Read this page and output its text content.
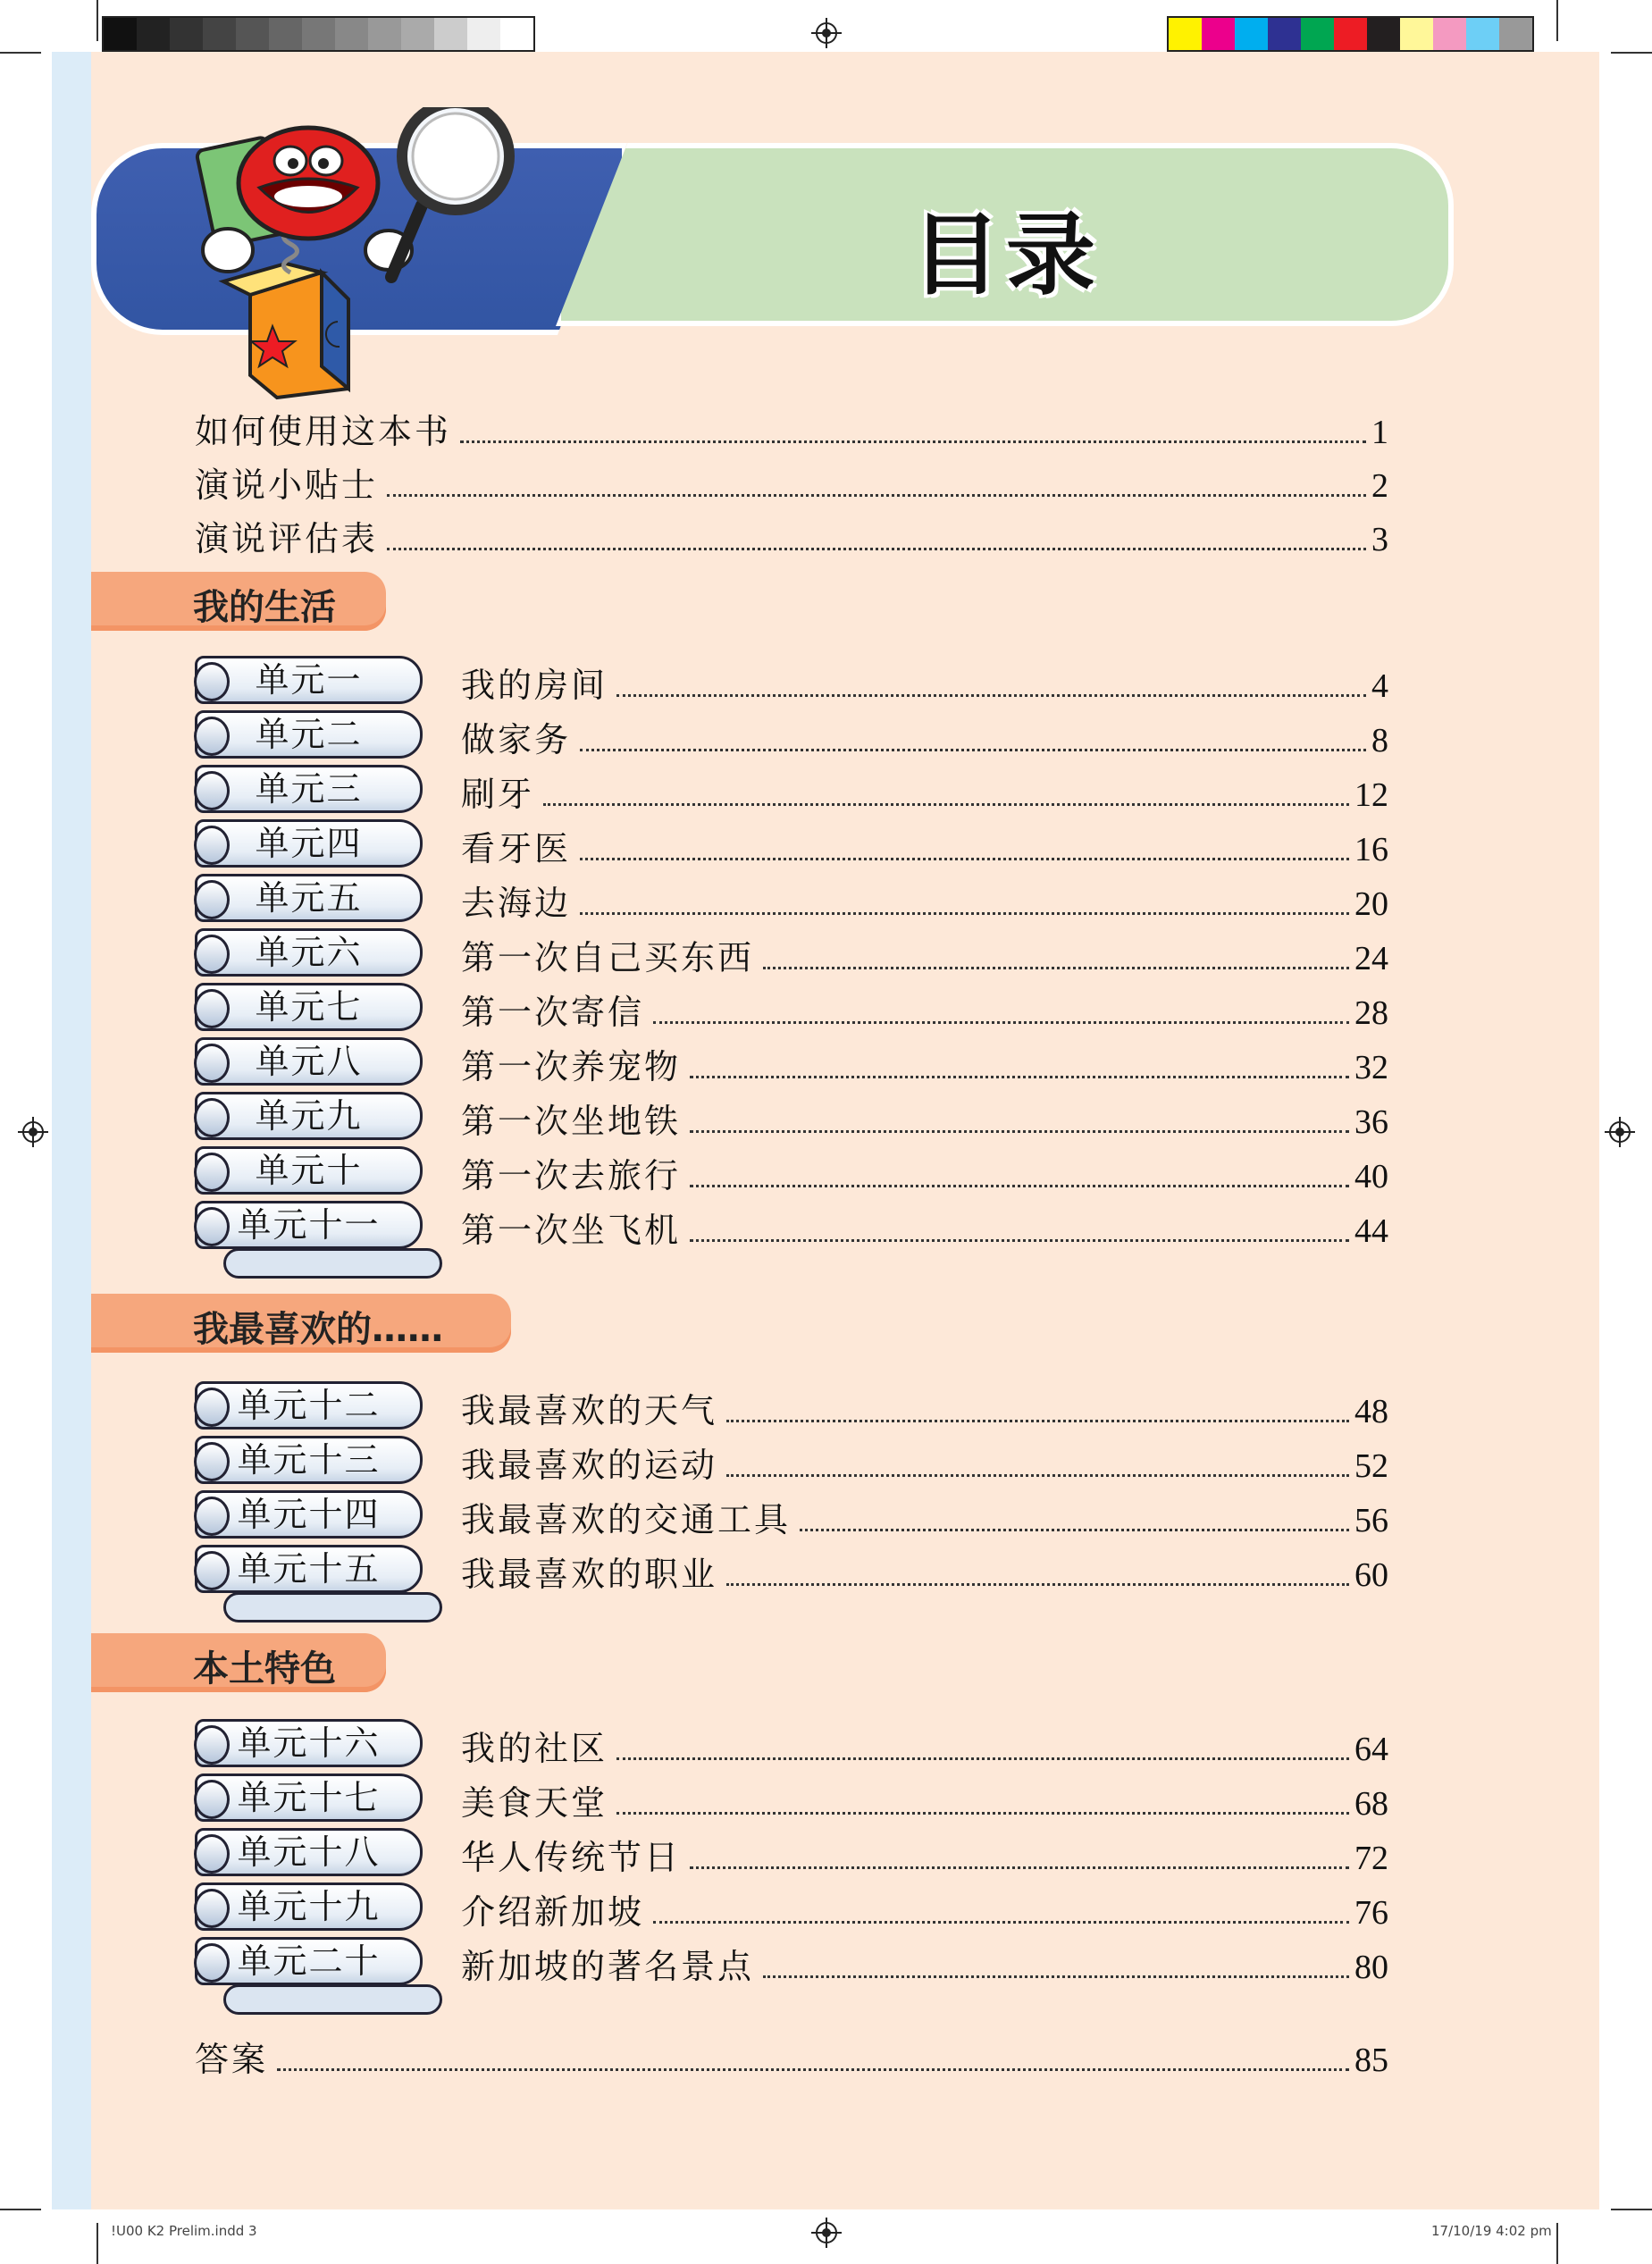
!U00 K2 Prelim.indd 3	17/10/19 4:02 pm
目录
如何使用这本书	1
演说小贴士	2
演说评估表	3
我的生活
我最喜欢的……
本土特色
单元一	我的房间	4
单元二	做家务	8
单元三	刷牙	12
单元四	看牙医	16
单元五	去海边	20
单元六	第一次自己买东西	24
单元七	第一次寄信	28
单元八	第一次养宠物	32
单元九	第一次坐地铁	36
单元十	第一次去旅行	40
单元十一	第一次坐飞机	44
单元十二	我最喜欢的天气	48
单元十三	我最喜欢的运动	52
单元十四	我最喜欢的交通工具	56
单元十五	我最喜欢的职业	60
单元十六	我的社区	64
单元十七	美食天堂	68
单元十八	华人传统节日	72
单元十九	介绍新加坡	76
单元二十	新加坡的著名景点	80
答案	85
